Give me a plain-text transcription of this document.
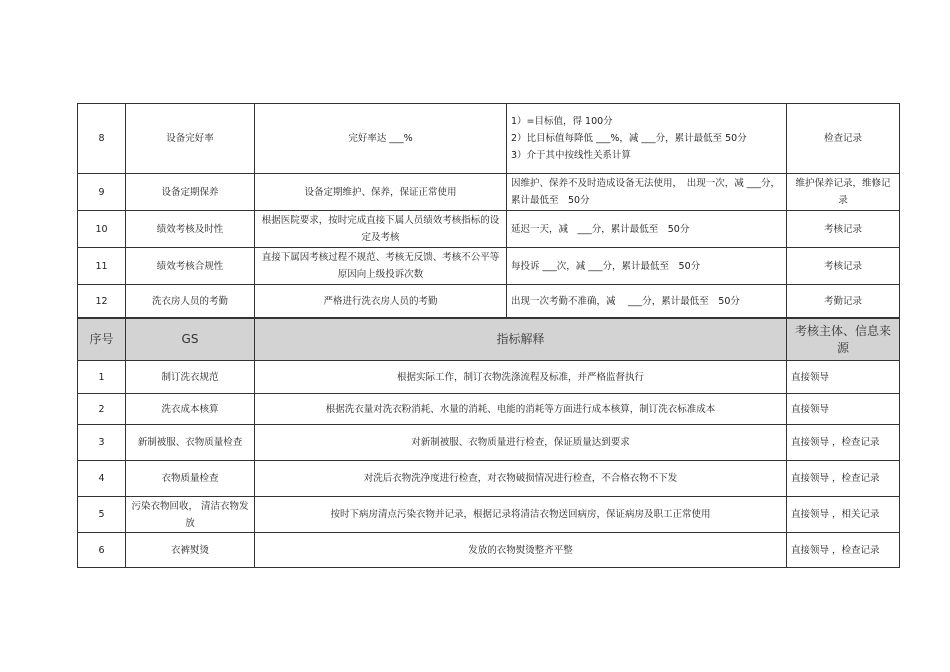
8	设备完好率	完好率达 ___%	1）=目标值，得 100分
2）比目标值每降低 ___%，减 ___分，累计最低至 50分
3）介于其中按线性关系计算	检查记录
9	设备定期保养	设备定期维护、保养，保证正常使用	因维护、保养不及时造成设备无法使用，　出现一次，减 ___分，累计最低至　50分	维护保养记录，维修记录
10	绩效考核及时性	根据医院要求，按时完成直接下属人员绩效考核指标的设定及考核	延迟一天，减　___分，累计最低至　50分	考核记录
11	绩效考核合规性	直接下属因考核过程不规范、考核无反馈、考核不公平等原因向上级投诉次数	每投诉 ___次，减 ___分，累计最低至　50分	考核记录
12	洗衣房人员的考勤	严格进行洗衣房人员的考勤	出现一次考勤不准确，减　 ___分，累计最低至　50分	考勤记录
序号	GS	指标解释	考核主体、信息来源
1	制订洗衣规范	根据实际工作，制订衣物洗涤流程及标准，并严格监督执行	直接领导
2	洗衣成本核算	根据洗衣量对洗衣粉消耗、水量的消耗、电能的消耗等方面进行成本核算，制订洗衣标准成本	直接领导
3	新制被服、衣物质量检查	对新制被服、衣物质量进行检查，保证质量达到要求	直接领导 ，检查记录
4	衣物质量检查	对洗后衣物洗净度进行检查，对衣物破损情况进行检查，不合格衣物不下发	直接领导 ，检查记录
5	污染衣物回收， 清洁衣物发放	按时下病房清点污染衣物并记录，根据记录将清洁衣物送回病房，保证病房及职工正常使用	直接领导 ，相关记录
6	衣裤熨烫	发放的衣物熨烫整齐平整	直接领导 ，检查记录
